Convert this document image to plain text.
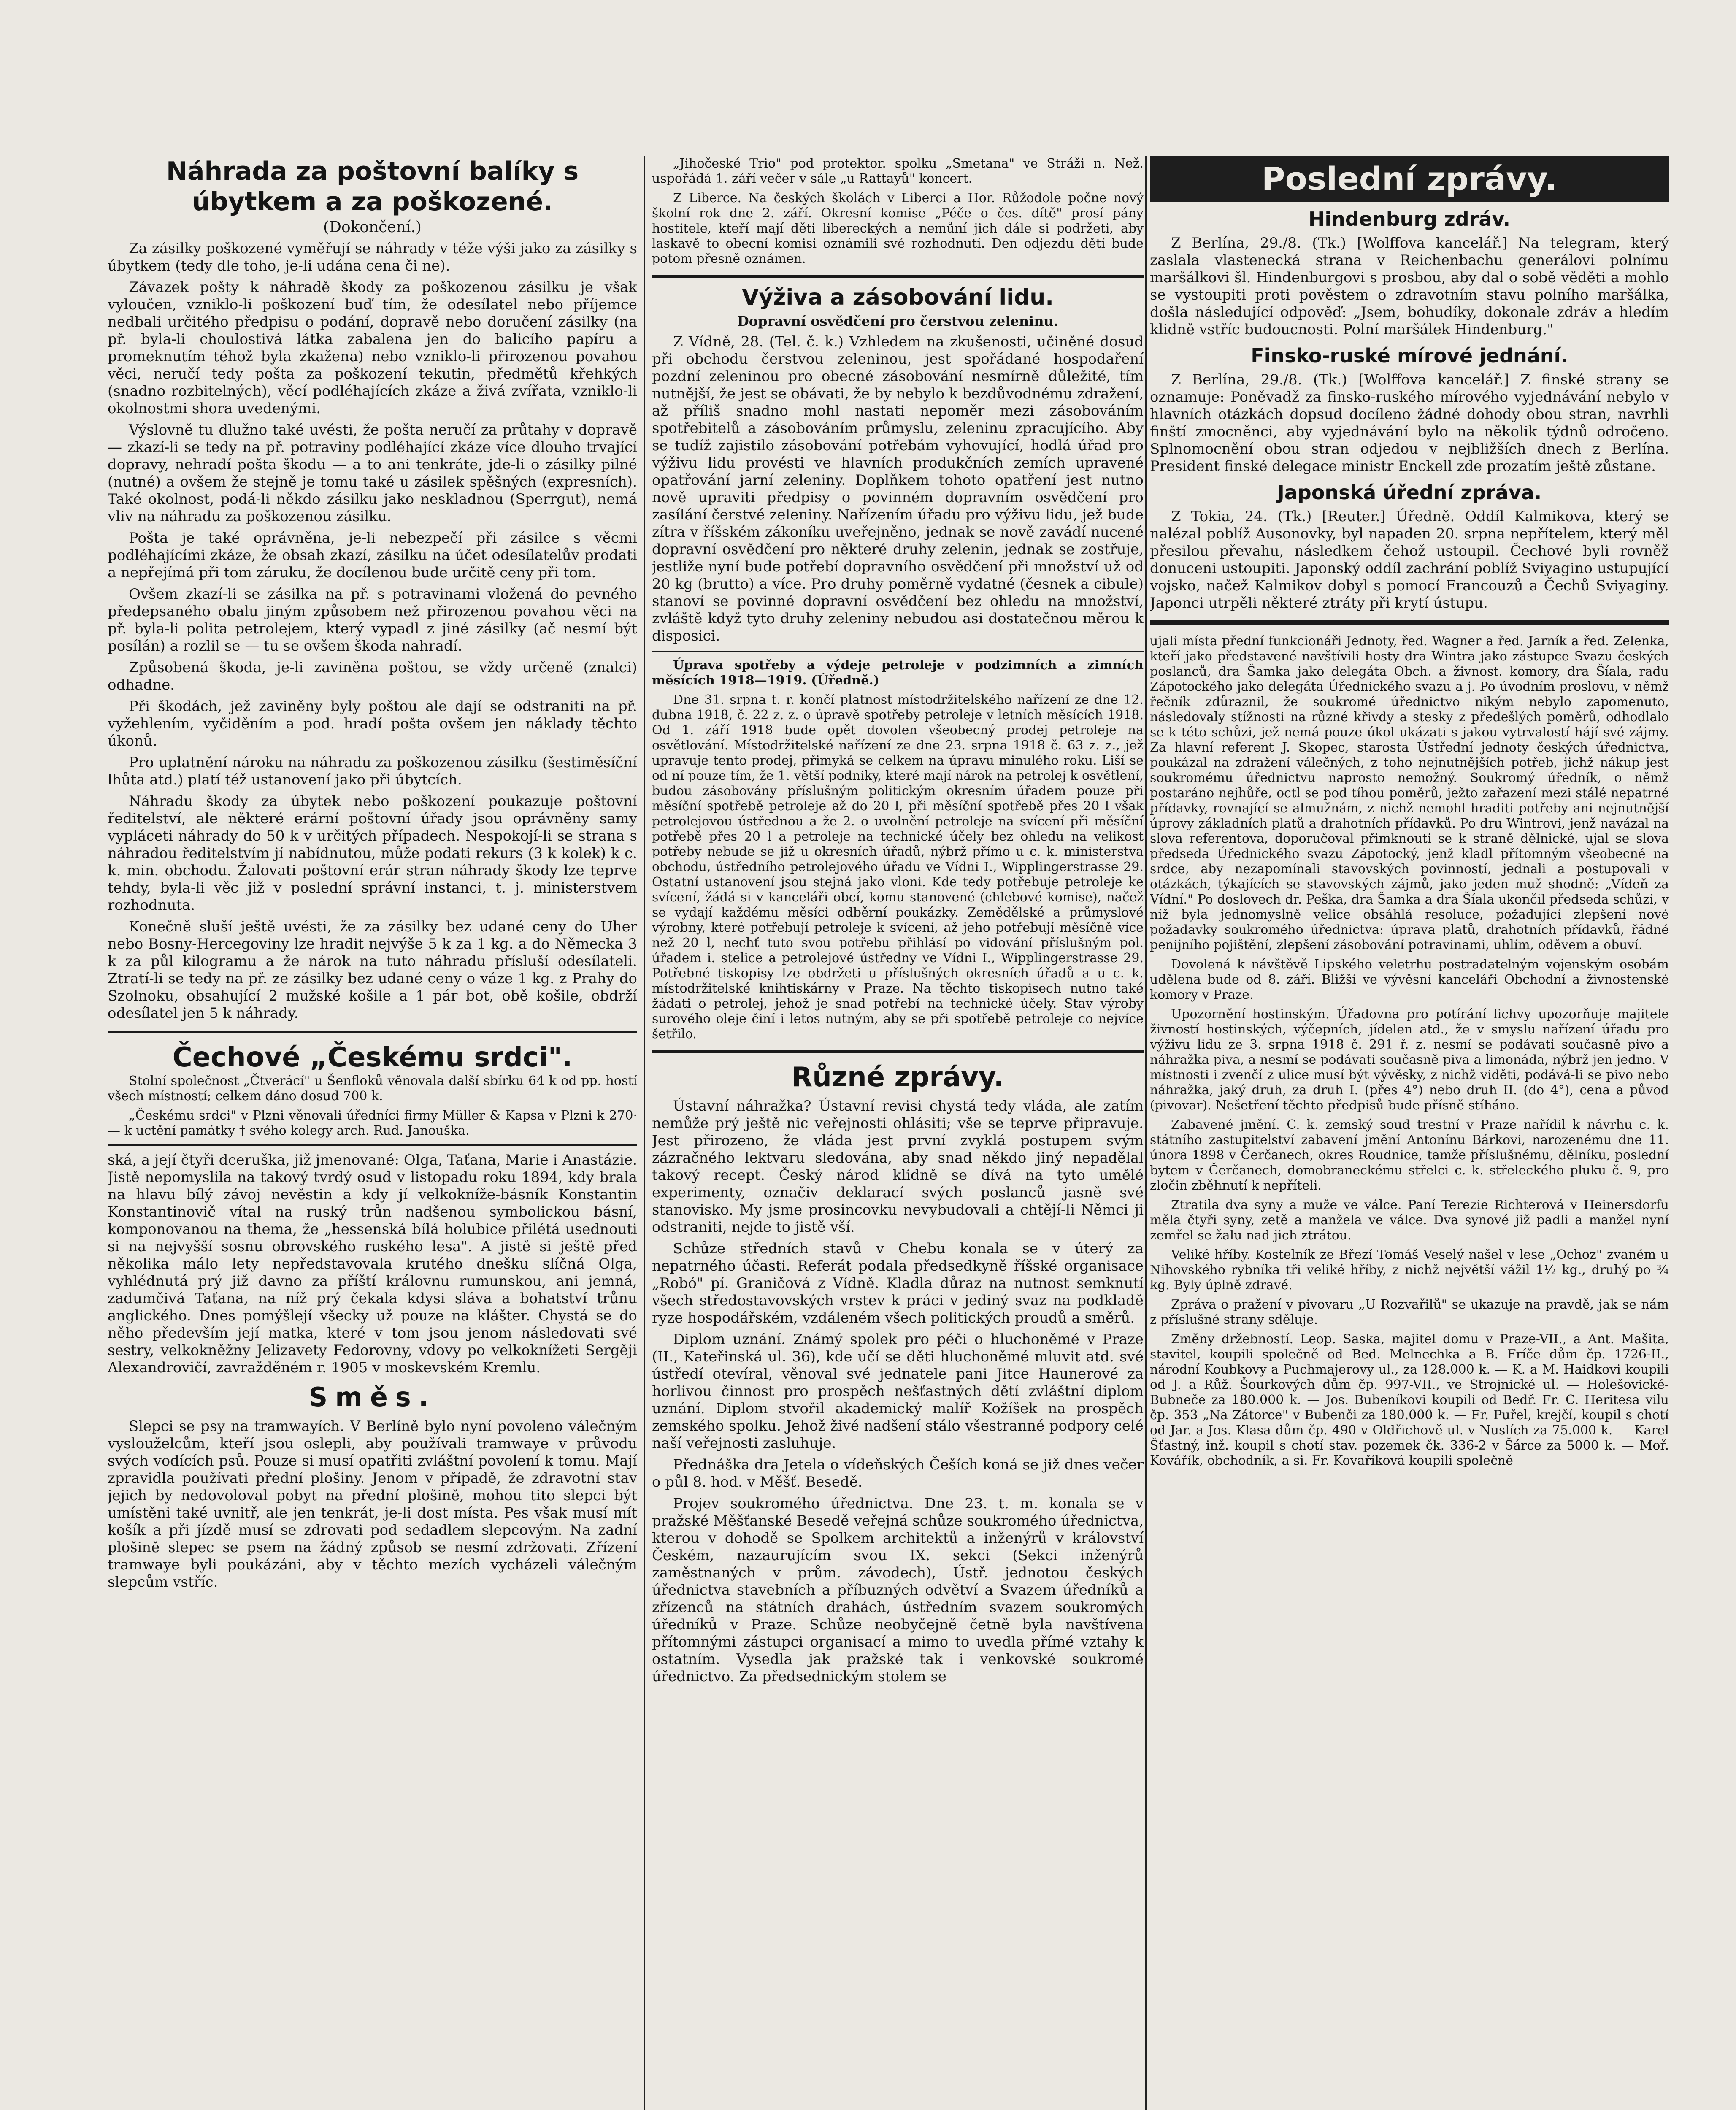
Náhrada za poštovní balíky s úbytkem a za poškozené.
(Dokončení.)

Za zásilky poškozené vyměřují se náhrady v téže výši jako za zásilky s úbytkem (tedy dle toho, je-li udána cena či ne).

Závazek pošty k náhradě škody za poškozenou zásilku je však vyloučen, vzniklo-li poškození buď tím, že odesílatel nebo příjemce nedbali určitého předpisu o podání, dopravě nebo doručení zásilky (na př. byla-li choulostivá látka zabalena jen do balicího papíru a promeknutím téhož byla zkažena) nebo vzniklo-li přirozenou povahou věci, neručí tedy pošta za poškození tekutin, předmětů křehkých (snadno rozbitelných), věcí podléhajících zkáze a živá zvířata, vzniklo-li okolnostmi shora uvedenými.

Výslovně tu dlužno také uvésti, že pošta neručí za průtahy v dopravě — zkazí-li se tedy na př. potraviny podléhající zkáze více dlouho trvající dopravy, nehradí pošta škodu — a to ani tenkráte, jde-li o zásilky pilné (nutné) a ovšem že stejně je tomu také u zásilek spěšných (expresních). Také okolnost, podá-li někdo zásilku jako neskladnou (Sperrgut), nemá vliv na náhradu za poškozenou zásilku.

Pošta je také oprávněna, je-li nebezpečí při zásilce s věcmi podléhajícími zkáze, že obsah zkazí, zásilku na účet odesílatelův prodati a nepřejímá při tom záruku, že docílenou bude určitě ceny při tom.

Ovšem zkazí-li se zásilka na př. s potravinami vložená do pevného předepsaného obalu jiným způsobem než přirozenou povahou věci na př. byla-li polita petrolejem, který vypadl z jiné zásilky (ač nesmí být posílán) a rozlil se — tu se ovšem škoda nahradí.

Způsobená škoda, je-li zaviněna poštou, se vždy určeně (znalci) odhadne.

Při škodách, jež zaviněny byly poštou ale dají se odstraniti na př. vyžehlením, vyčiděním a pod. hradí pošta ovšem jen náklady těchto úkonů.

Pro uplatnění nároku na náhradu za poškozenou zásilku (šestiměsíční lhůta atd.) platí též ustanovení jako při úbytcích.

Náhradu škody za úbytek nebo poškození poukazuje poštovní ředitelství, ale některé erární poštovní úřady jsou oprávněny samy vypláceti náhrady do 50 k v určitých případech. Nespokojí-li se strana s náhradou ředitelstvím jí nabídnutou, může podati rekurs (3 k kolek) k c. k. min. obchodu. Žalovati poštovní erár stran náhrady škody lze teprve tehdy, byla-li věc již v poslední správní instanci, t. j. ministerstvem rozhodnuta.

Konečně sluší ještě uvésti, že za zásilky bez udané ceny do Uher nebo Bosny-Hercegoviny lze hradit nejvýše 5 k za 1 kg. a do Německa 3 k za půl kilogramu a že nárok na tuto náhradu přísluší odesílateli. Ztratí-li se tedy na př. ze zásilky bez udané ceny o váze 1 kg. z Prahy do Szolnoku, obsahující 2 mužské košile a 1 pár bot, obě košile, obdrží odesílatel jen 5 k náhrady.

Čechové „Českému srdci".

Stolní společnost „Čtverácí" u Šenfloků věnovala další sbírku 64 k od pp. hostí všech místností; celkem dáno dosud 700 k.

„Českému srdci" v Plzni věnovali úředníci firmy Müller & Kapsa v Plzni k 270·— k uctění památky † svého kolegy arch. Rud. Janouška.

ská, a její čtyři dceruška, již jmenované: Olga, Taťana, Marie i Anastázie. Jistě nepomyslila na takový tvrdý osud v listopadu roku 1894, kdy brala na hlavu bílý závoj nevěstin a kdy jí velkokníže-básník Konstantin Konstantinovič vítal na ruský trůn nadšenou symbolickou básní, komponovanou na thema, že „hessenská bílá holubice přilétá usednouti si na nejvyšší sosnu obrovského ruského lesa". A jistě si ještě před několika málo lety nepředstavovala krutého dnešku slíčná Olga, vyhlédnutá prý již davno za příští královnu rumunskou, ani jemná, zadumčivá Taťana, na níž prý čekala kdysi sláva a bohatství trůnu anglického. Dnes pomýšlejí všecky už pouze na klášter. Chystá se do něho především její matka, které v tom jsou jenom následovati své sestry, velkokněžny Jelizavety Fedorovny, vdovy po velkoknížeti Sergěji Alexandrovičí, zavražděném r. 1905 v moskevském Kremlu.

Směs.

Slepci se psy na tramwayích. V Berlíně bylo nyní povoleno válečným vyslouželcům, kteří jsou oslepli, aby používali tramwaye v průvodu svých vodících psů. Pouze si musí opatřiti zvláštní povolení k tomu. Mají zpravidla používati přední plošiny. Jenom v případě, že zdravotní stav jejich by nedovoloval pobyt na přední plošině, mohou tito slepci být umístěni také uvnitř, ale jen tenkrát, je-li dost místa. Pes však musí mít košík a při jízdě musí se zdrovati pod sedadlem slepcovým. Na zadní plošině slepec se psem na žádný způsob se nesmí zdržovati. Zřízení tramwaye byli poukázáni, aby v těchto mezích vycházeli válečným slepcům vstříc.

„Jihočeské Trio" pod protektor. spolku „Smetana" ve Stráži n. Než. uspořádá 1. září večer v sále „u Rattayů" koncert.

Z Liberce. Na českých školách v Liberci a Hor. Růžodole počne nový školní rok dne 2. září. Okresní komise „Péče o čes. dítě" prosí pány hostitele, kteří mají děti libereckých a nemůní jich dále si podržeti, aby laskavě to obecní komisi oznámili své rozhodnutí. Den odjezdu dětí bude potom přesně oznámen.

Výživa a zásobování lidu.
Dopravní osvědčení pro čerstvou zeleninu.

Z Vídně, 28. (Tel. č. k.) Vzhledem na zkušenosti, učiněné dosud při obchodu čerstvou zeleninou, jest spořádané hospodaření pozdní zeleninou pro obecné zásobování nesmírně důležité, tím nutnější, že jest se obávati, že by nebylo k bezdůvodnému zdražení, až příliš snadno mohl nastati nepoměr mezi zásobováním spotřebitelů a zásobováním průmyslu, zeleninu zpracujícího. Aby se tudíž zajistilo zásobování potřebám vyhovující, hodlá úřad pro výživu lidu provésti ve hlavních produkčních zemích upravené opatřování jarní zeleniny. Doplňkem tohoto opatření jest nutno nově upraviti předpisy o povinném dopravním osvědčení pro zasílání čerstvé zeleniny. Nařízením úřadu pro výživu lidu, jež bude zítra v říšském zákoníku uveřejněno, jednak se nově zavádí nucené dopravní osvědčení pro některé druhy zelenin, jednak se zostřuje, jestliže nyní bude potřebí dopravního osvědčení při množství už od 20 kg (brutto) a více. Pro druhy poměrně vydatné (česnek a cibule) stanoví se povinné dopravní osvědčení bez ohledu na množství, zvláště když tyto druhy zeleniny nebudou asi dostatečnou měrou k disposici.

Úprava spotřeby a výdeje petroleje v podzimních a zimních měsících 1918—1919. (Úředně.)

Dne 31. srpna t. r. končí platnost místodržitelského nařízení ze dne 12. dubna 1918, č. 22 z. z. o úpravě spotřeby petroleje v letních měsících 1918. Od 1. září 1918 bude opět dovolen všeobecný prodej petroleje na osvětlování. Místodržitelské nařízení ze dne 23. srpna 1918 č. 63 z. z., jež upravuje tento prodej, přimyká se celkem na úpravu minulého roku. Liší se od ní pouze tím, že 1. větší podniky, které mají nárok na petrolej k osvětlení, budou zásobovány příslušným politickým okresním úřadem pouze při měsíční spotřebě petroleje až do 20 l, při měsíční spotřebě přes 20 l však petrolejovou ústřednou a že 2. o uvolnění petroleje na svícení při měsíční potřebě přes 20 l a petroleje na technické účely bez ohledu na velikost potřeby nebude se již u okresních úřadů, nýbrž přímo u c. k. ministerstva obchodu, ústředního petrolejového úřadu ve Vídni I., Wipplingerstrasse 29. Ostatní ustanovení jsou stejná jako vloni. Kde tedy potřebuje petroleje ke svícení, žádá si v kanceláři obcí, komu stanovené (chlebové komise), načež se vydají každému měsíci odběrní poukázky. Zemědělské a průmyslové výrobny, které potřebují petroleje k svícení, až jeho potřebují měsíčně více než 20 l, nechť tuto svou potřebu přihlásí po vidování příslušným pol. úřadem i. stelice a petrolejové ústředny ve Vídni I., Wipplingerstrasse 29. Potřebné tiskopisy lze obdržeti u příslušných okresních úřadů a u c. k. místodržitelské knihtiskárny v Praze. Na těchto tiskopisech nutno také žádati o petrolej, jehož je snad potřebí na technické účely. Stav výroby surového oleje činí i letos nutným, aby se při spotřebě petroleje co nejvíce šetřilo.

Různé zprávy.

Ústavní náhražka? Ústavní revisi chystá tedy vláda, ale zatím nemůže prý ještě nic veřejnosti ohlásiti; vše se teprve připravuje. Jest přirozeno, že vláda jest první zvyklá postupem svým zázračného lektvaru sledována, aby snad někdo jiný nepadělal takový recept. Český národ klidně se dívá na tyto umělé experimenty, označiv deklarací svých poslanců jasně své stanovisko. My jsme prosincovku nevybudovali a chtějí-li Němci ji odstraniti, nejde to jistě vší.

Schůze středních stavů v Chebu konala se v úterý za nepatrného účasti. Referát podala předsedkyně říšské organisace „Robó" pí. Graničová z Vídně. Kladla důraz na nutnost semknutí všech středostavovských vrstev k práci v jediný svaz na podkladě ryze hospodářském, vzdáleném všech politických proudů a směrů.

Diplom uznání. Známý spolek pro péči o hluchoněmé v Praze (II., Kateřinská ul. 36), kde učí se děti hluchoněmé mluvit atd. své ústředí otevíral, věnoval své jednatele pani Jitce Haunerové za horlivou činnost pro prospěch nešťastných dětí zvláštní diplom uznání. Diplom stvořil akademický malíř Kožíšek na prospěch zemského spolku. Jehož živé nadšení stálo všestranné podpory celé naší veřejnosti zasluhuje.

Přednáška dra Jetela o vídeňských Češích koná se již dnes večer o půl 8. hod. v Měšť. Besedě.

Projev soukromého úřednictva. Dne 23. t. m. konala se v pražské Měšťanské Besedě veřejná schůze soukromého úřednictva, kterou v dohodě se Spolkem architektů a inženýrů v království Českém, nazaurujícím svou IX. sekci (Sekci inženýrů zaměstnaných v prům. závodech), Ústř. jednotou českých úřednictva stavebních a příbuzných odvětví a Svazem úředníků a zřízenců na státních drahách, ústředním svazem soukromých úředníků v Praze. Schůze neobyčejně četně byla navštívena přítomnými zástupci organisací a mimo to uvedla přímé vztahy k ostatním. Vysedla jak pražské tak i venkovské soukromé úřednictvo. Za předsednickým stolem se

Poslední zprávy.
Hindenburg zdráv.

Z Berlína, 29./8. (Tk.) [Wolffova kancelář.] Na telegram, který zaslala vlastenecká strana v Reichenbachu generálovi polnímu maršálkovi šl. Hindenburgovi s prosbou, aby dal o sobě věděti a mohlo se vystoupiti proti pověstem o zdravotním stavu polního maršálka, došla následující odpověď: „Jsem, bohudíky, dokonale zdráv a hledím klidně vstříc budoucnosti. Polní maršálek Hindenburg."

Finsko-ruské mírové jednání.

Z Berlína, 29./8. (Tk.) [Wolffova kancelář.] Z finské strany se oznamuje: Poněvadž za finsko-ruského mírového vyjednávání nebylo v hlavních otázkách dopsud docíleno žádné dohody obou stran, navrhli finští zmocněnci, aby vyjednávání bylo na několik týdnů odročeno. Splnomocnění obou stran odjedou v nejbližších dnech z Berlína. President finské delegace ministr Enckell zde prozatím ještě zůstane.

Japonská úřední zpráva.

Z Tokia, 24. (Tk.) [Reuter.] Úředně. Oddíl Kalmikova, který se nalézal poblíž Ausonovky, byl napaden 20. srpna nepřítelem, který měl přesilou převahu, následkem čehož ustoupil. Čechové byli rovněž donuceni ustoupiti. Japonský oddíl zachrání poblíž Sviyagino ustupující vojsko, načež Kalmikov dobyl s pomocí Francouzů a Čechů Sviyaginy. Japonci utrpěli některé ztráty při krytí ústupu.

ujali místa přední funkcionáři Jednoty, řed. Wagner a řed. Jarník a řed. Zelenka, kteří jako představené navštívili hosty dra Wintra jako zástupce Svazu českých poslanců, dra Šamka jako delegáta Obch. a živnost. komory, dra Šíala, radu Zápotockého jako delegáta Úřednického svazu a j. Po úvodním proslovu, v němž řečník zdůraznil, že soukromé úřednictvo nikým nebylo zapomenuto, následovaly stížnosti na různé křivdy a stesky z předešlých poměrů, odhodlalo se k této schůzi, jež nemá pouze úkol ukázati s jakou vytrvalostí hájí své zájmy. Za hlavní referent J. Skopec, starosta Ústřední jednoty českých úřednictva, poukázal na zdražení válečných, z toho nejnutnějších potřeb, jichž nákup jest soukromému úřednictvu naprosto nemožný. Soukromý úředník, o němž postaráno nejhůře, octl se pod tíhou poměrů, ježto zařazení mezi stálé nepatrné přídavky, rovnající se almužnám, z nichž nemohl hraditi potřeby ani nejnutnější úprovy základních platů a drahotních přídavků. Po dru Wintrovi, jenž navázal na slova referentova, doporučoval přimknouti se k straně dělnické, ujal se slova předseda Úřednického svazu Zápotocký, jenž kladl přítomným všeobecné na srdce, aby nezapomínali stavovských povinností, jednali a postupovali v otázkách, týkajících se stavovských zájmů, jako jeden muž shodně: „Vídeň za Vídní." Po doslovech dr. Peška, dra Šamka a dra Šíala ukončil předseda schůzi, v níž byla jednomyslně velice obsáhlá resoluce, požadující zlepšení nové požadavky soukromého úřednictva: úprava platů, drahotních přídavků, řádné penijního pojištění, zlepšení zásobování potravinami, uhlím, oděvem a obuví.

Dovolená k návštěvě Lipského veletrhu postradatelným vojenským osobám udělena bude od 8. září. Bližší ve vývěsní kanceláři Obchodní a živnostenské komory v Praze.

Upozornění hostinským. Úřadovna pro potírání lichvy upozorňuje majitele živností hostinských, výčepních, jídelen atd., že v smyslu nařízení úřadu pro výživu lidu ze 3. srpna 1918 č. 291 ř. z. nesmí se podávati současně pivo a náhražka piva, a nesmí se podávati současně piva a limonáda, nýbrž jen jedno. V místnosti i zvenčí z ulice musí být vývěsky, z nichž viděti, podává-li se pivo nebo náhražka, jaký druh, za druh I. (přes 4°) nebo druh II. (do 4°), cena a původ (pivovar). Nešetření těchto předpisů bude přísně stíháno.

Zabavené jmění. C. k. zemský soud trestní v Praze nařídil k návrhu c. k. státního zastupitelství zabavení jmění Antonínu Bárkovi, narozenému dne 11. února 1898 v Čerčanech, okres Roudnice, tamže příslušnému, dělníku, poslední bytem v Čerčanech, domobraneckému střelci c. k. střeleckého pluku č. 9, pro zločin zběhnutí k nepříteli.

Ztratila dva syny a muže ve válce. Paní Terezie Richterová v Heinersdorfu měla čtyři syny, zetě a manžela ve válce. Dva synové již padli a manžel nyní zemřel se žalu nad jich ztrátou.

Veliké hříby. Kostelník ze Březí Tomáš Veselý našel v lese „Ochoz" zvaném u Nihovského rybníka tři veliké hříby, z nichž největší vážil 1½ kg., druhý po ¾ kg. Byly úplně zdravé.

Zpráva o pražení v pivovaru „U Rozvařilů" se ukazuje na pravdě, jak se nám z příslušné strany sděluje.

Změny držebností. Leop. Saska, majitel domu v Praze-VII., a Ant. Mašita, stavitel, koupili společně od Bed. Melnechka a B. Fríče dům čp. 1726-II., národní Koubkovy a Puchmajerovy ul., za 128.000 k. — K. a M. Haidkovi koupili od J. a Růž. Šourkových dům čp. 997-VII., ve Strojnické ul. — Holešovické-Bubneče za 180.000 k. — Jos. Bubeníkovi koupili od Bedř. Fr. C. Heritesa vilu čp. 353 „Na Zátorce" v Bubenči za 180.000 k. — Fr. Puřel, krejčí, koupil s chotí od Jar. a Jos. Klasa dům čp. 490 v Oldřichově ul. v Nuslích za 75.000 k. — Karel Šťastný, inž. koupil s chotí stav. pozemek čk. 336-2 v Šárce za 5000 k. — Moř. Kovářík, obchodník, a si. Fr. Kovaříková koupili společně
